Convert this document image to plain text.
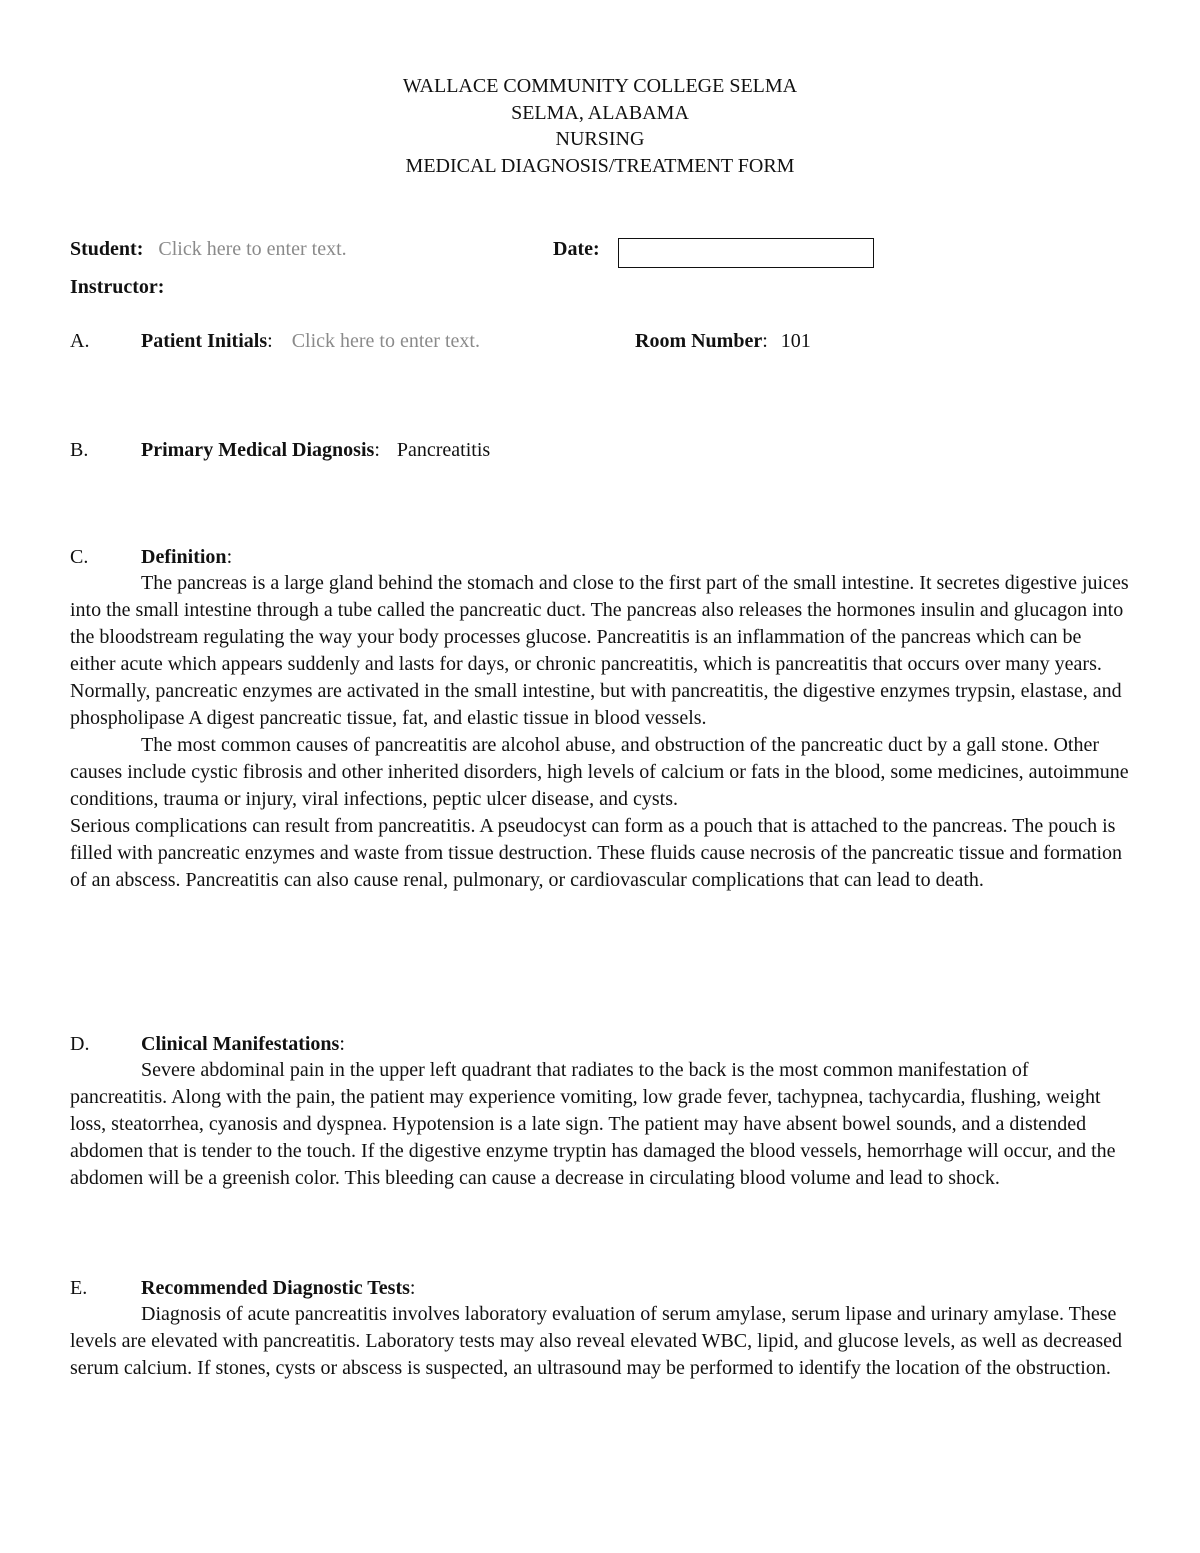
WALLACE COMMUNITY COLLEGE SELMA
SELMA, ALABAMA
NURSING
MEDICAL DIAGNOSIS/TREATMENT FORM
Student: Click here to enter text.	Date:
Instructor:
A.	Patient Initials: Click here to enter text.	Room Number: 101
B.	Primary Medical Diagnosis: Pancreatitis
C.	Definition:

The pancreas is a large gland behind the stomach and close to the first part of the small intestine. It secretes digestive juices into the small intestine through a tube called the pancreatic duct. The pancreas also releases the hormones insulin and glucagon into the bloodstream regulating the way your body processes glucose. Pancreatitis is an inflammation of the pancreas which can be either acute which appears suddenly and lasts for days, or chronic pancreatitis, which is pancreatitis that occurs over many years. Normally, pancreatic enzymes are activated in the small intestine, but with pancreatitis, the digestive enzymes trypsin, elastase, and phospholipase A digest pancreatic tissue, fat, and elastic tissue in blood vessels.

The most common causes of pancreatitis are alcohol abuse, and obstruction of the pancreatic duct by a gall stone. Other causes include cystic fibrosis and other inherited disorders, high levels of calcium or fats in the blood, some medicines, autoimmune conditions, trauma or injury, viral infections, peptic ulcer disease, and cysts.

Serious complications can result from pancreatitis. A pseudocyst can form as a pouch that is attached to the pancreas. The pouch is filled with pancreatic enzymes and waste from tissue destruction. These fluids cause necrosis of the pancreatic tissue and formation of an abscess. Pancreatitis can also cause renal, pulmonary, or cardiovascular complications that can lead to death.

D.	Clinical Manifestations:

Severe abdominal pain in the upper left quadrant that radiates to the back is the most common manifestation of pancreatitis. Along with the pain, the patient may experience vomiting, low grade fever, tachypnea, tachycardia, flushing, weight loss, steatorrhea, cyanosis and dyspnea. Hypotension is a late sign. The patient may have absent bowel sounds, and a distended abdomen that is tender to the touch. If the digestive enzyme tryptin has damaged the blood vessels, hemorrhage will occur, and the abdomen will be a greenish color. This bleeding can cause a decrease in circulating blood volume and lead to shock.

E.	Recommended Diagnostic Tests:

Diagnosis of acute pancreatitis involves laboratory evaluation of serum amylase, serum lipase and urinary amylase. These levels are elevated with pancreatitis. Laboratory tests may also reveal elevated WBC, lipid, and glucose levels, as well as decreased serum calcium. If stones, cysts or abscess is suspected, an ultrasound may be performed to identify the location of the obstruction.
